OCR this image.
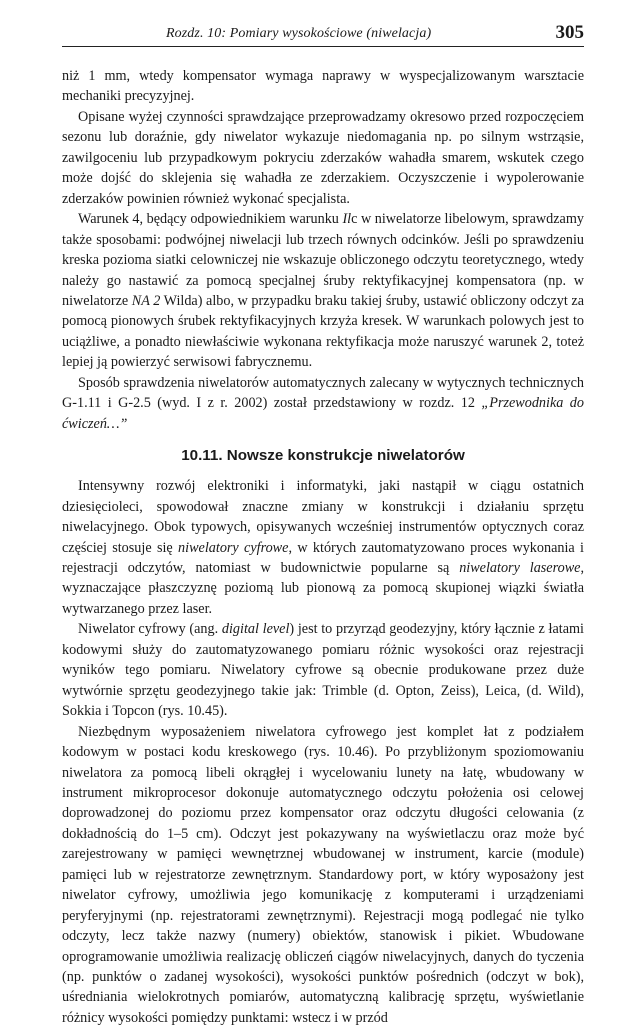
Rozdz. 10: Pomiary wysokościowe (niwelacja)	305

niż 1 mm, wtedy kompensator wymaga naprawy w wyspecjalizowanym warsztacie mechaniki precyzyjnej.

Opisane wyżej czynności sprawdzające przeprowadzamy okresowo przed rozpoczęciem sezonu lub doraźnie, gdy niwelator wykazuje niedomagania np. po silnym wstrząsie, zawilgoceniu lub przypadkowym pokryciu zderzaków wahadła smarem, wskutek czego może dojść do sklejenia się wahadła ze zderzakiem. Oczyszczenie i wypolerowanie zderzaków powinien również wykonać specjalista.

Warunek 4, będący odpowiednikiem warunku Ilc w niwelatorze libelowym, sprawdzamy także sposobami: podwójnej niwelacji lub trzech równych odcinków. Jeśli po sprawdzeniu kreska pozioma siatki celowniczej nie wskazuje obliczonego odczytu teoretycznego, wtedy należy go nastawić za pomocą specjalnej śruby rektyfikacyjnej kompensatora (np. w niwelatorze NA 2 Wilda) albo, w przypadku braku takiej śruby, ustawić obliczony odczyt za pomocą pionowych śrubek rektyfikacyjnych krzyża kresek. W warunkach polowych jest to uciążliwe, a ponadto niewłaściwie wykonana rektyfikacja może naruszyć warunek 2, toteż lepiej ją powierzyć serwisowi fabrycznemu.

Sposób sprawdzenia niwelatorów automatycznych zalecany w wytycznych technicznych G-1.11 i G-2.5 (wyd. I z r. 2002) został przedstawiony w rozdz. 12 „Przewodnika do ćwiczeń…”

10.11. Nowsze konstrukcje niwelatorów

Intensywny rozwój elektroniki i informatyki, jaki nastąpił w ciągu ostatnich dziesięcioleci, spowodował znaczne zmiany w konstrukcji i działaniu sprzętu niwelacyjnego. Obok typowych, opisywanych wcześniej instrumentów optycznych coraz częściej stosuje się niwelatory cyfrowe, w których zautomatyzowano proces wykonania i rejestracji odczytów, natomiast w budownictwie popularne są niwelatory laserowe, wyznaczające płaszczyznę poziomą lub pionową za pomocą skupionej wiązki światła wytwarzanego przez laser.

Niwelator cyfrowy (ang. digital level) jest to przyrząd geodezyjny, który łącznie z łatami kodowymi służy do zautomatyzowanego pomiaru różnic wysokości oraz rejestracji wyników tego pomiaru. Niwelatory cyfrowe są obecnie produkowane przez duże wytwórnie sprzętu geodezyjnego takie jak: Trimble (d. Opton, Zeiss), Leica, (d. Wild), Sokkia i Topcon (rys. 10.45).

Niezbędnym wyposażeniem niwelatora cyfrowego jest komplet łat z podziałem kodowym w postaci kodu kreskowego (rys. 10.46). Po przybliżonym spoziomowaniu niwelatora za pomocą libeli okrągłej i wycelowaniu lunety na łatę, wbudowany w instrument mikroprocesor dokonuje automatycznego odczytu położenia osi celowej doprowadzonej do poziomu przez kompensator oraz odczytu długości celowania (z dokładnością do 1–5 cm). Odczyt jest pokazywany na wyświetlaczu oraz może być zarejestrowany w pamięci wewnętrznej wbudowanej w instrument, karcie (module) pamięci lub w rejestratorze zewnętrznym. Standardowy port, w który wyposażony jest niwelator cyfrowy, umożliwia jego komunikację z komputerami i urządzeniami peryferyjnymi (np. rejestratorami zewnętrznymi). Rejestracji mogą podlegać nie tylko odczyty, lecz także nazwy (numery) obiektów, stanowisk i pikiet. Wbudowane oprogramowanie umożliwia realizację obliczeń ciągów niwelacyjnych, danych do tyczenia (np. punktów o zadanej wysokości), wysokości punktów pośrednich (odczyt w bok), uśredniania wielokrotnych pomiarów, automatyczną kalibrację sprzętu, wyświetlanie różnicy wysokości pomiędzy punktami: wstecz i w przód
